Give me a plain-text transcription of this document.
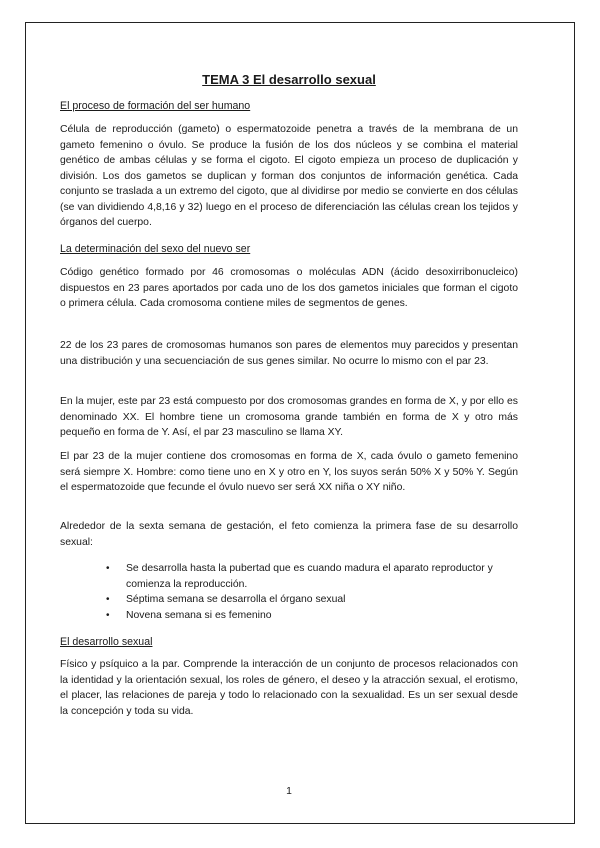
TEMA 3 El desarrollo sexual
El proceso de formación del ser humano

Célula de reproducción (gameto) o espermatozoide penetra a través de la membrana de un gameto femenino o óvulo. Se produce la fusión de los dos núcleos y se combina el material genético de ambas células y se forma el cigoto. El cigoto empieza un proceso de duplicación y división. Los dos gametos se duplican y forman dos conjuntos de información genética. Cada conjunto se traslada a un extremo del cigoto, que al dividirse por medio se convierte en dos células (se van dividiendo 4,8,16 y 32) luego en el proceso de diferenciación las células crean los tejidos y órganos del cuerpo.

La determinación del sexo del nuevo ser

Código genético formado por 46 cromosomas o moléculas ADN (ácido desoxirribonucleico) dispuestos en 23 pares aportados por cada uno de los dos gametos iniciales que forman el cigoto o primera célula. Cada cromosoma contiene miles de segmentos de genes.

22 de los 23 pares de cromosomas humanos son pares de elementos muy parecidos y presentan una distribución y una secuenciación de sus genes similar. No ocurre lo mismo con el par 23.

En la mujer, este par 23 está compuesto por dos cromosomas grandes en forma de X, y por ello es denominado XX. El hombre tiene un cromosoma grande también en forma de X y otro más pequeño en forma de Y. Así, el par 23 masculino se llama XY.

El par 23 de la mujer contiene dos cromosomas en forma de X, cada óvulo o gameto femenino será siempre X. Hombre: como tiene uno en X y otro en Y, los suyos serán 50% X y 50% Y. Según el espermatozoide que fecunde el óvulo nuevo ser será XX niña o XY niño.

Alrededor de la sexta semana de gestación, el feto comienza la primera fase de su desarrollo sexual:

• Se desarrolla hasta la pubertad que es cuando madura el aparato reproductor y comienza la reproducción.
• Séptima semana se desarrolla el órgano sexual
• Novena semana si es femenino
El desarrollo sexual

Físico y psíquico a la par. Comprende la interacción de un conjunto de procesos relacionados con la identidad y la orientación sexual, los roles de género, el deseo y la atracción sexual, el erotismo, el placer, las relaciones de pareja y todo lo relacionado con la sexualidad. Es un ser sexual desde la concepción y toda su vida.

1
